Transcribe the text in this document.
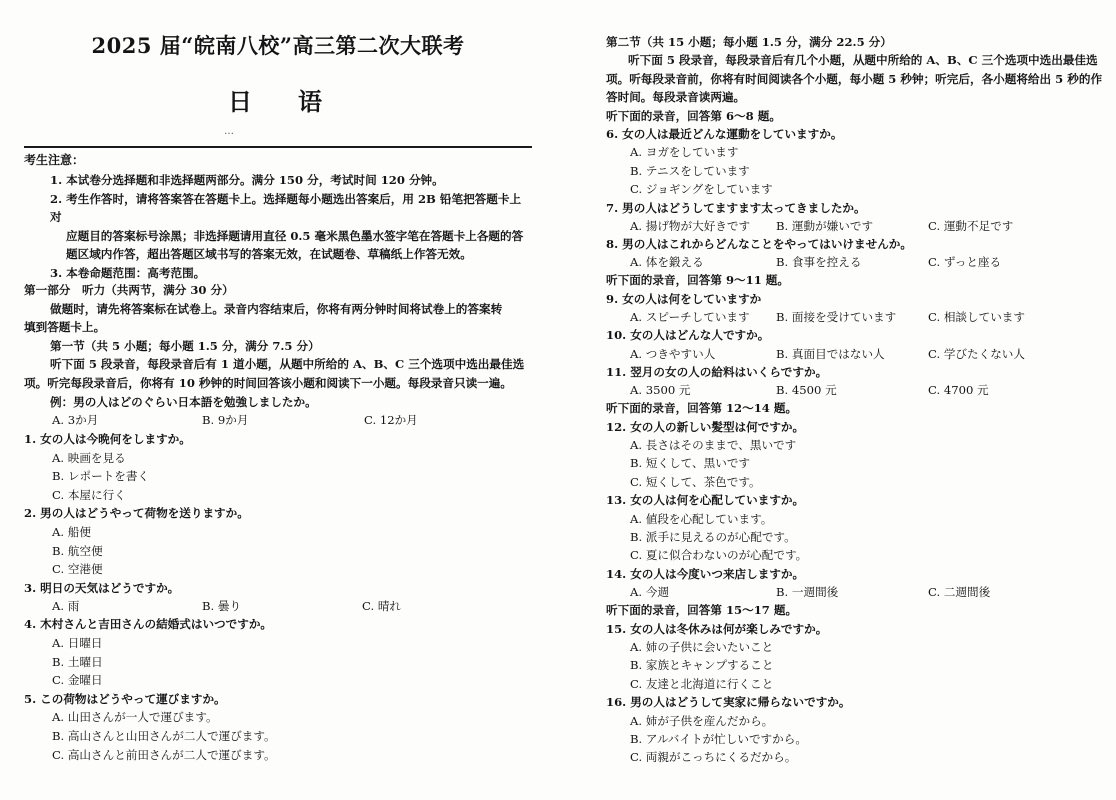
2025 届“皖南八校”高三第二次大联考
日语
…
考生注意：
1. 本试卷分选择题和非选择题两部分。满分 150 分，考试时间 120 分钟。
2. 考生作答时，请将答案答在答题卡上。选择题每小题选出答案后，用 2B 铅笔把答题卡上对
应题目的答案标号涂黑；非选择题请用直径 0.5 毫米黑色墨水签字笔在答题卡上各题的答
题区域内作答，超出答题区域书写的答案无效，在试题卷、草稿纸上作答无效。
3. 本卷命题范围：高考范围。
第一部分　听力（共两节，满分 30 分）
做题时，请先将答案标在试卷上。录音内容结束后，你将有两分钟时间将试卷上的答案转
填到答题卡上。
第一节（共 5 小题；每小题 1.5 分，满分 7.5 分）
听下面 5 段录音，每段录音后有 1 道小题，从题中所给的 A、B、C 三个选项中选出最佳选
项。听完每段录音后，你将有 10 秒钟的时间回答该小题和阅读下一小题。每段录音只读一遍。
例：男の人はどのぐらい日本語を勉強しましたか。
A. 3か月	B. 9か月	C. 12か月
1. 女の人は今晩何をしますか。
A. 映画を見る
B. レポートを書く
C. 本屋に行く
2. 男の人はどうやって荷物を送りますか。
A. 船便
B. 航空便
C. 空港便
3. 明日の天気はどうですか。
A. 雨	B. 曇り	C. 晴れ
4. 木村さんと吉田さんの結婚式はいつですか。
A. 日曜日
B. 土曜日
C. 金曜日
5. この荷物はどうやって運びますか。
A. 山田さんが一人で運びます。
B. 高山さんと山田さんが二人で運びます。
C. 高山さんと前田さんが二人で運びます。
第二节（共 15 小题；每小题 1.5 分，满分 22.5 分）
听下面 5 段录音，每段录音后有几个小题，从题中所给的 A、B、C 三个选项中选出最佳选
项。听每段录音前，你将有时间阅读各个小题，每小题 5 秒钟；听完后，各小题将给出 5 秒的作
答时间。每段录音读两遍。
听下面的录音，回答第 6～8 题。
6. 女の人は最近どんな運動をしていますか。
A. ヨガをしています
B. テニスをしています
C. ジョギングをしています
7. 男の人はどうしてますます太ってきましたか。
A. 揚げ物が大好きです B. 運動が嫌いです	C. 運動不足です
8. 男の人はこれからどんなことをやってはいけませんか。
A. 体を鍛える	B. 食事を控える	C. ずっと座る
听下面的录音，回答第 9～11 题。
9. 女の人は何をしていますか
A. スピーチしています B. 面接を受けています	C. 相談しています
10. 女の人はどんな人ですか。
A. つきやすい人	B. 真面目ではない人	C. 学びたくない人
11. 翌月の女の人の給料はいくらですか。
A. 3500 元	B. 4500 元	C. 4700 元
听下面的录音，回答第 12～14 题。
12. 女の人の新しい髪型は何ですか。
A. 長さはそのままで、黒いです
B. 短くして、黒いです
C. 短くして、茶色です。
13. 女の人は何を心配していますか。
A. 値段を心配しています。
B. 派手に見えるのが心配です。
C. 夏に似合わないのが心配です。
14. 女の人は今度いつ来店しますか。
A. 今週	B. 一週間後	C. 二週間後
听下面的录音，回答第 15～17 题。
15. 女の人は冬休みは何が楽しみですか。
A. 姉の子供に会いたいこと
B. 家族とキャンプすること
C. 友達と北海道に行くこと
16. 男の人はどうして実家に帰らないですか。
A. 姉が子供を産んだから。
B. アルバイトが忙しいですから。
C. 両親がこっちにくるだから。
